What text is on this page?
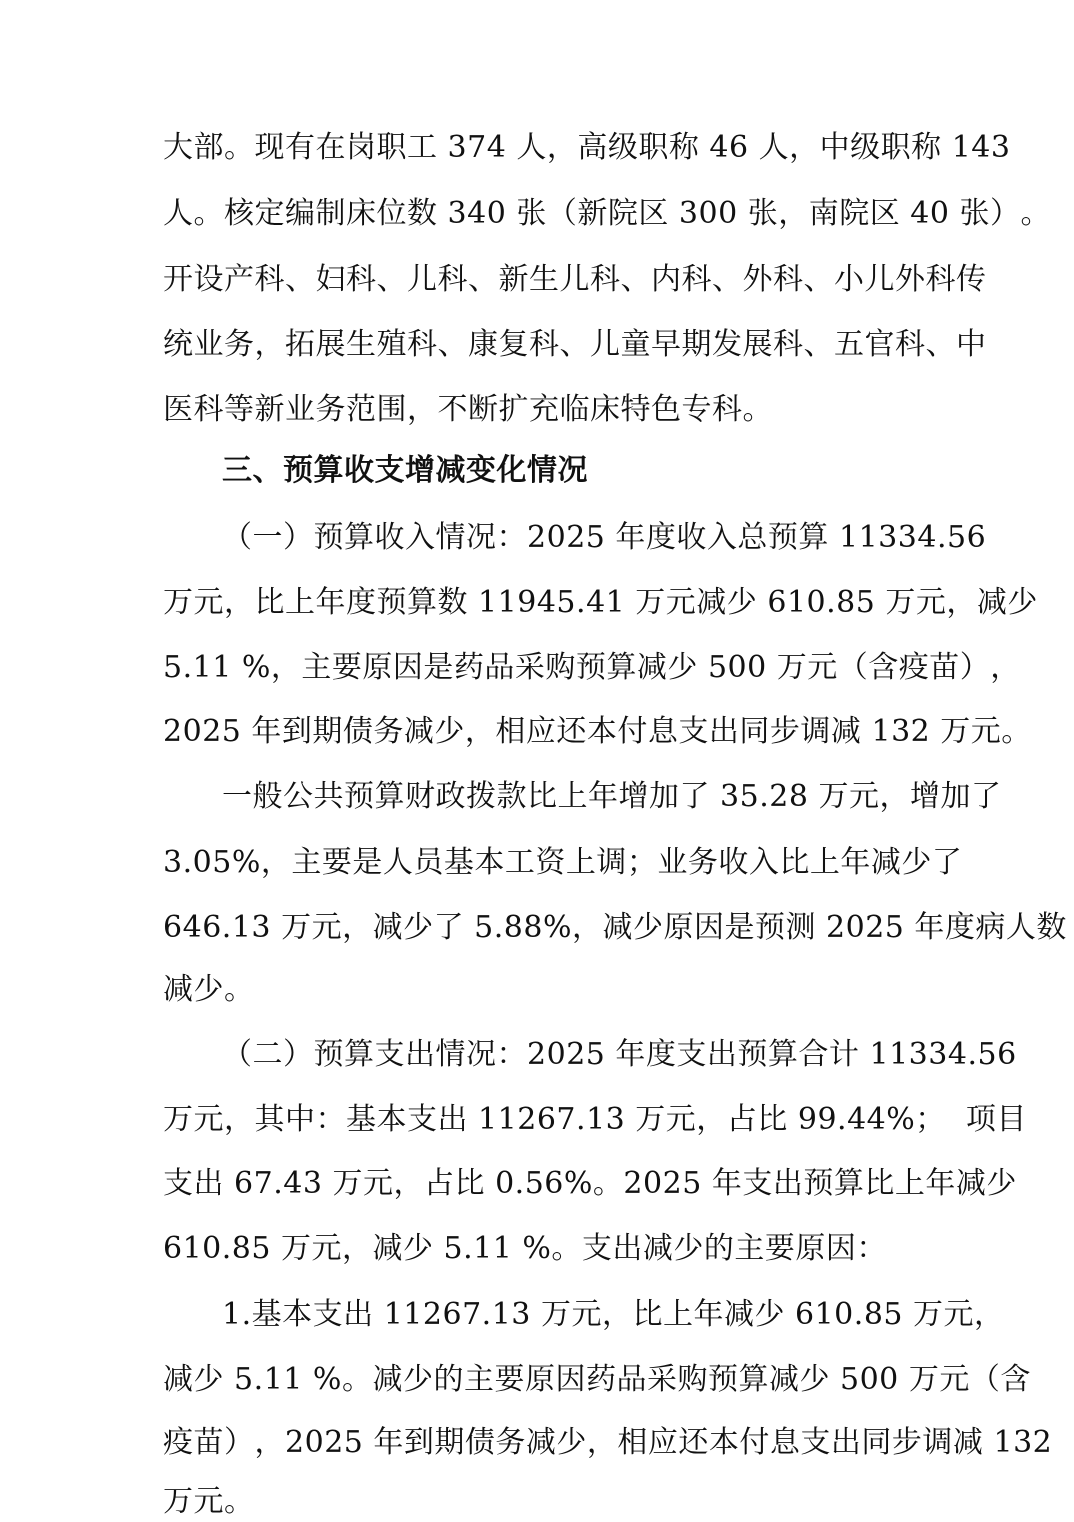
大 部 。 现 有 在 岗 职 工
3 7 4
人 ， 高 级 职 称
4 6
人 ， 中 级 职 称
1 4 3
人 。 核 定 编 制 床 位 数
3 4 0
张 （ 新 院 区
3 0 0
张 ， 南 院 区
4 0
张 ） 。
开 设 产 科 、 妇 科 、 儿 科 、 新 生 儿 科 、 内 科 、 外 科 、 小 儿 外 科 传
统 业 务 ， 拓 展 生 殖 科 、 康 复 科 、 儿 童 早 期 发 展 科 、 五 官 科 、 中
医科等新业务范围，不断扩充临床特色专科。
三、预算收支增减变化情况
（ 一 ） 预 算 收 入 情 况 ： 2 0 2 5
年 度 收 入 总 预 算
1 1 3 3 4 . 5 6
万 元 ， 比 上 年 度 预 算 数
1 1 9 4 5 . 4 1
万 元 减 少
6 1 0 . 8 5
万 元 ， 减 少
5 . 1 1
% ， 主 要 原 因 是 药 品 采 购 预 算 减 少
5 0 0
万 元 （ 含 疫 苗 ） ，
2 0 2 5
年 到 期 债 务 减 少 ， 相 应 还 本 付 息 支 出 同 步 调 减
1 3 2
万 元 。
一 般 公 共 预 算 财 政 拨 款 比 上 年 增 加 了
3 5 . 2 8
万 元 ， 增 加 了
3 . 0 5 % ， 主 要 是 人 员 基 本 工 资 上 调 ； 业 务 收 入 比 上 年 减 少 了
6 4 6 . 1 3
万 元 ， 减 少 了
5 . 8 8 % ， 减 少 原 因 是 预 测
2 0 2 5
年 度 病 人 数
减少。
（ 二 ） 预 算 支 出 情 况 ： 2 0 2 5
年 度 支 出 预 算 合 计
1 1 3 3 4 . 5 6
万 元 ， 其 中 ： 基 本 支 出
1 1 2 6 7 . 1 3
万 元 ， 占 比
9 9 . 4 4 % ；

项 目
支 出
6 7 . 4 3
万 元 ， 占 比
0 . 5 6 % 。 2 0 2 5
年 支 出 预 算 比 上 年 减 少
610.85 万元，减少 5.11 %。支出减少的主要原因：
1 . 基 本 支 出
1 1 2 6 7 . 1 3
万 元 ， 比 上 年 减 少
6 1 0 . 8 5
万 元 ，
减 少
5 . 1 1
% 。 减 少 的 主 要 原 因 药 品 采 购 预 算 减 少
5 0 0
万 元 （ 含
疫 苗 ） ， 2 0 2 5
年 到 期 债 务 减 少 ， 相 应 还 本 付 息 支 出 同 步 调 减
1 3 2
万元。
